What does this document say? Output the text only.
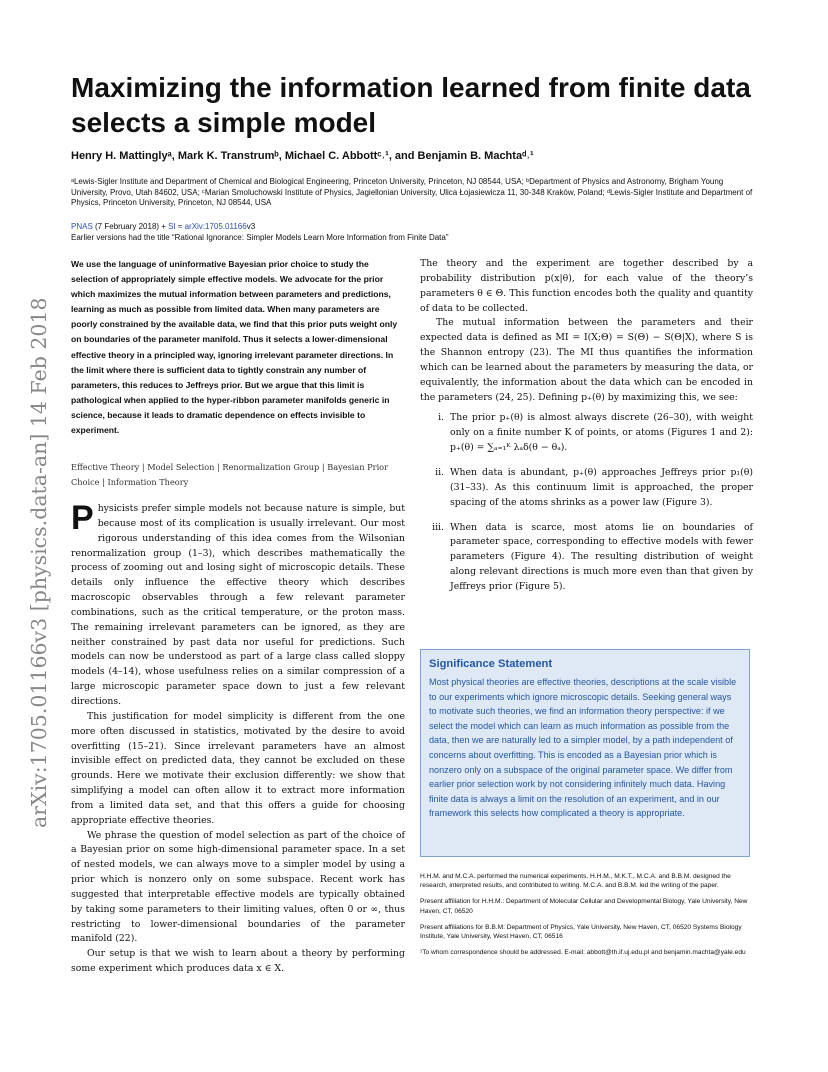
arXiv:1705.01166v3 [physics.data-an] 14 Feb 2018
Maximizing the information learned from finite data selects a simple model
Henry H. Mattinglyᵃ, Mark K. Transtrumᵇ, Michael C. Abbottᶜ˒¹, and Benjamin B. Machtaᵈ˒¹
ᵃLewis-Sigler Institute and Department of Chemical and Biological Engineering, Princeton University, Princeton, NJ 08544, USA; ᵇDepartment of Physics and Astronomy, Brigham Young University, Provo, Utah 84602, USA; ᶜMarian Smoluchowski Institute of Physics, Jagiellonian University, Ulica Łojasiewicza 11, 30-348 Kraków, Poland; ᵈLewis-Sigler Institute and Department of Physics, Princeton University, Princeton, NJ 08544, USA
PNAS (7 February 2018) + SI ≈ arXiv:1705.01166v3
Earlier versions had the title “Rational Ignorance: Simpler Models Learn More Information from Finite Data”

We use the language of uninformative Bayesian prior choice to study the selection of appropriately simple effective models. We advocate for the prior which maximizes the mutual information between parameters and predictions, learning as much as possible from limited data. When many parameters are poorly constrained by the available data, we find that this prior puts weight only on boundaries of the parameter manifold. Thus it selects a lower-dimensional effective theory in a principled way, ignoring irrelevant parameter directions. In the limit where there is sufficient data to tightly constrain any number of parameters, this reduces to Jeffreys prior. But we argue that this limit is pathological when applied to the hyper-ribbon parameter manifolds generic in science, because it leads to dramatic dependence on effects invisible to experiment.

Effective Theory | Model Selection | Renormalization Group | Bayesian Prior Choice | Information Theory

Physicists prefer simple models not because nature is simple, but because most of its complication is usually irrelevant. Our most rigorous understanding of this idea comes from the Wilsonian renormalization group (1–3), which describes mathematically the process of zooming out and losing sight of microscopic details. These details only influence the effective theory which describes macroscopic observables through a few relevant parameter combinations, such as the critical temperature, or the proton mass. The remaining irrelevant parameters can be ignored, as they are neither constrained by past data nor useful for predictions. Such models can now be understood as part of a large class called sloppy models (4–14), whose usefulness relies on a similar compression of a large microscopic parameter space down to just a few relevant directions.

This justification for model simplicity is different from the one more often discussed in statistics, motivated by the desire to avoid overfitting (15–21). Since irrelevant parameters have an almost invisible effect on predicted data, they cannot be excluded on these grounds. Here we motivate their exclusion differently: we show that simplifying a model can often allow it to extract more information from a limited data set, and that this offers a guide for choosing appropriate effective theories.

We phrase the question of model selection as part of the choice of a Bayesian prior on some high-dimensional parameter space. In a set of nested models, we can always move to a simpler model by using a prior which is nonzero only on some subspace. Recent work has suggested that interpretable effective models are typically obtained by taking some parameters to their limiting values, often 0 or ∞, thus restricting to lower-dimensional boundaries of the parameter manifold (22).

Our setup is that we wish to learn about a theory by performing some experiment which produces data x ∈ X.

The theory and the experiment are together described by a probability distribution p(x|θ), for each value of the theory’s parameters θ ∈ Θ. This function encodes both the quality and quantity of data to be collected.

The mutual information between the parameters and their expected data is defined as MI = I(X;Θ) = S(Θ) − S(Θ|X), where S is the Shannon entropy (23). The MI thus quantifies the information which can be learned about the parameters by measuring the data, or equivalently, the information about the data which can be encoded in the parameters (24, 25). Defining p₊(θ) by maximizing this, we see:

i. The prior p₊(θ) is almost always discrete (26–30), with weight only on a finite number K of points, or atoms (Figures 1 and 2): p₊(θ) = ∑ₐ₌₁ᴷ λₐδ(θ − θₐ).
ii. When data is abundant, p₊(θ) approaches Jeffreys prior p₁(θ) (31–33). As this continuum limit is approached, the proper spacing of the atoms shrinks as a power law (Figure 3).
iii. When data is scarce, most atoms lie on boundaries of parameter space, corresponding to effective models with fewer parameters (Figure 4). The resulting distribution of weight along relevant directions is much more even than that given by Jeffreys prior (Figure 5).

Significance Statement

Most physical theories are effective theories, descriptions at the scale visible to our experiments which ignore microscopic details. Seeking general ways to motivate such theories, we find an information theory perspective: if we select the model which can learn as much information as possible from the data, then we are naturally led to a simpler model, by a path independent of concerns about overfitting. This is encoded as a Bayesian prior which is nonzero only on a subspace of the original parameter space. We differ from earlier prior selection work by not considering infinitely much data. Having finite data is always a limit on the resolution of an experiment, and in our framework this selects how complicated a theory is appropriate.

H.H.M. and M.C.A. performed the numerical experiments. H.H.M., M.K.T., M.C.A. and B.B.M. designed the research, interpreted results, and contributed to writing. M.C.A. and B.B.M. led the writing of the paper.

Present affiliation for H.H.M.: Department of Molecular Cellular and Developmental Biology, Yale University, New Haven, CT, 06520

Present affiliations for B.B.M: Department of Physics, Yale University, New Haven, CT, 06520 Systems Biology Institute, Yale University, West Haven, CT, 06516

¹To whom correspondence should be addressed. E-mail: abbott@th.if.uj.edu.pl and benjamin.machta@yale.edu
